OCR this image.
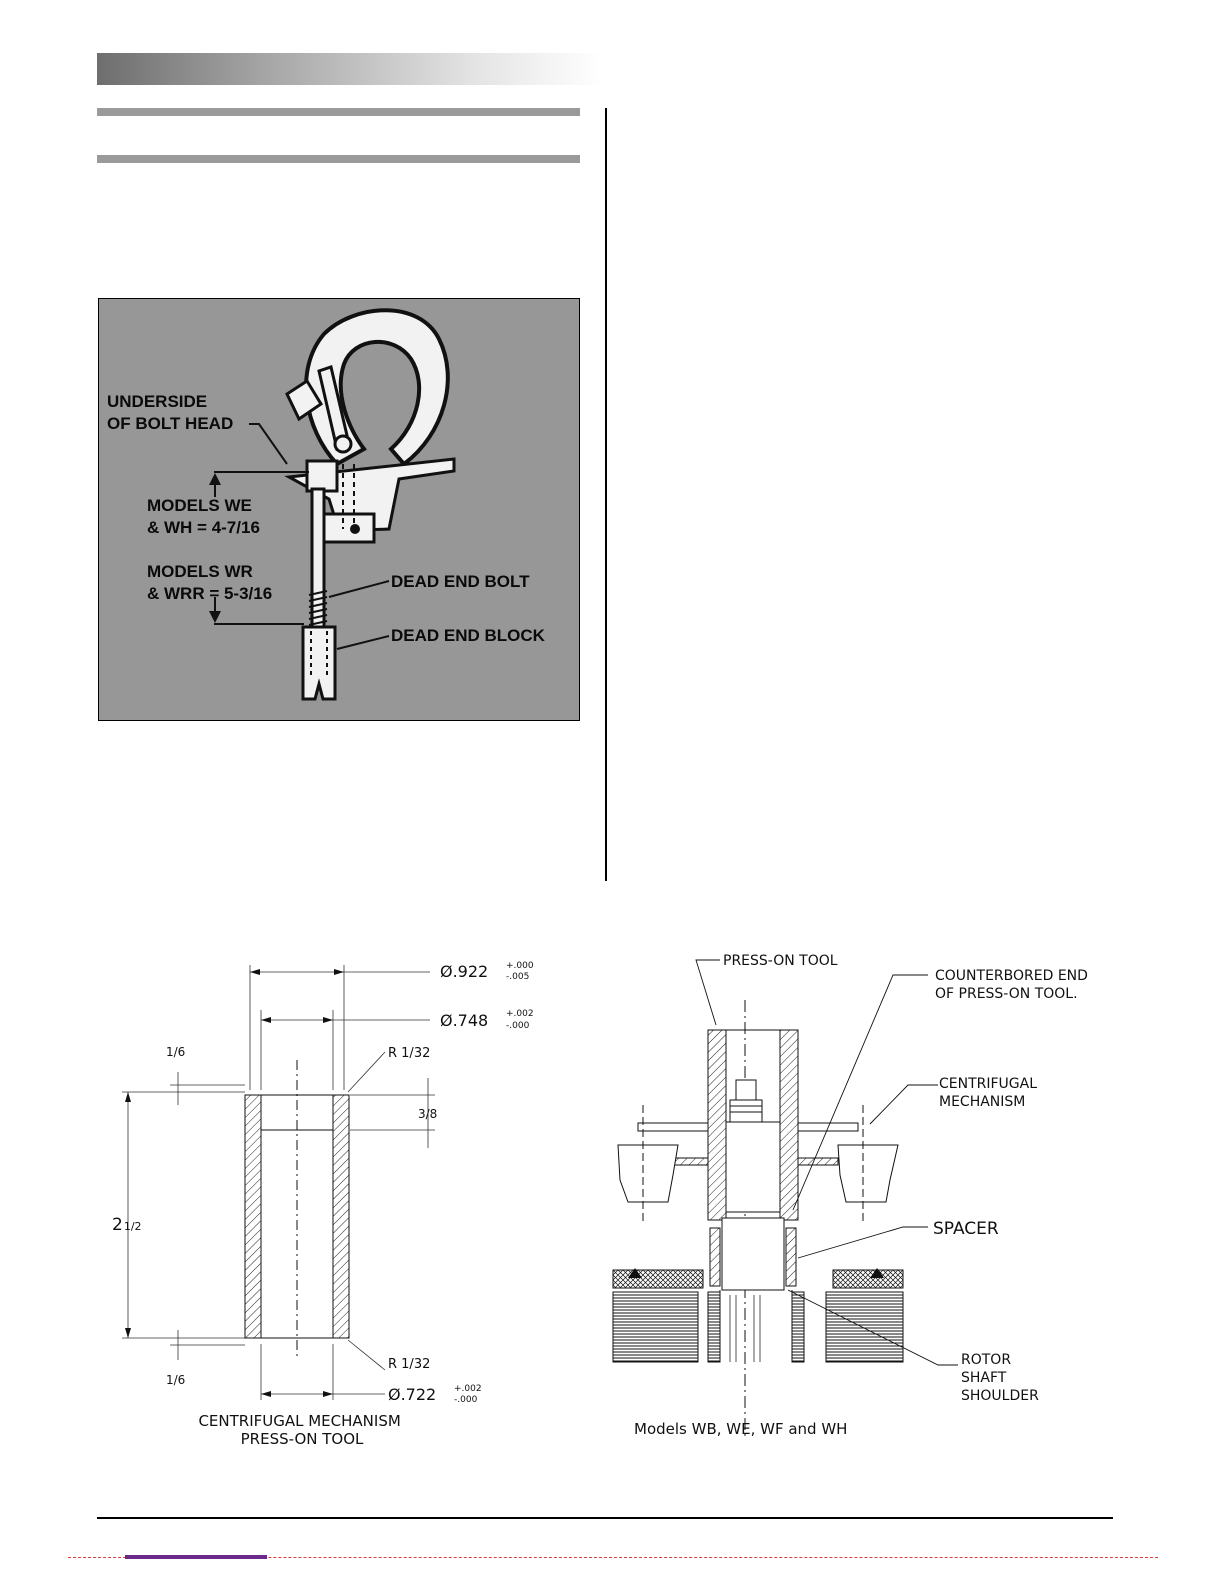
UNDERSIDE OF BOLT HEAD
MODELS WE & WH = 4-7/16
MODELS WR & WRR = 5-3/16
DEAD END BOLT
DEAD END BLOCK
Ø.922 +.000
-.005
Ø.748 +.002
-.000
Ø.722 +.002
-.000
21/2
1/6
1/6
R 1/32
R 1/32
3/8
CENTRIFUGAL MECHANISM PRESS-ON TOOL
PRESS-ON TOOL
COUNTERBORED END OF PRESS-ON TOOL.
CENTRIFUGAL MECHANISM
SPACER
ROTOR SHAFT SHOULDER
Models WB, WE, WF and WH
